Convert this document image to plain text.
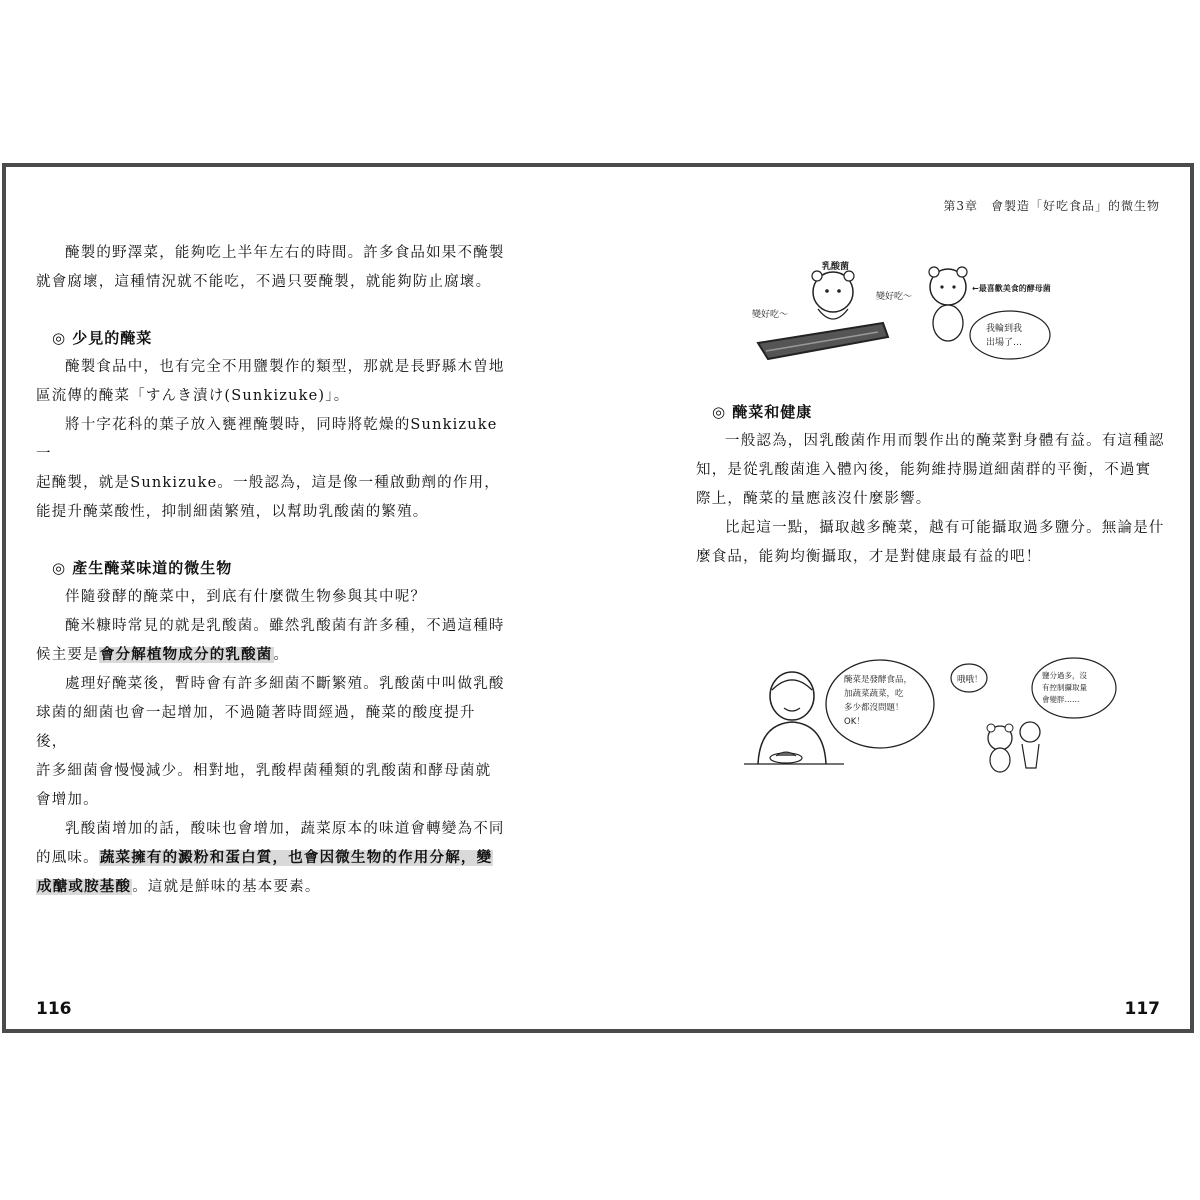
第3章　會製造「好吃食品」的微生物

醃製的野澤菜，能夠吃上半年左右的時間。許多食品如果不醃製

就會腐壞，這種情況就不能吃，不過只要醃製，就能夠防止腐壞。

◎ 少見的醃菜

醃製食品中，也有完全不用鹽製作的類型，那就是長野縣木曽地

區流傳的醃菜「すんき漬け(Sunkizuke)」。

將十字花科的葉子放入甕裡醃製時，同時將乾燥的Sunkizuke一

起醃製，就是Sunkizuke。一般認為，這是像一種啟動劑的作用，

能提升醃菜酸性，抑制細菌繁殖，以幫助乳酸菌的繁殖。

◎ 產生醃菜味道的微生物

伴隨發酵的醃菜中，到底有什麼微生物參與其中呢？

醃米糠時常見的就是乳酸菌。雖然乳酸菌有許多種，不過這種時

候主要是會分解植物成分的乳酸菌。

處理好醃菜後，暫時會有許多細菌不斷繁殖。乳酸菌中叫做乳酸

球菌的細菌也會一起增加，不過隨著時間經過，醃菜的酸度提升後，

許多細菌會慢慢減少。相對地，乳酸桿菌種類的乳酸菌和酵母菌就

會增加。

乳酸菌增加的話，酸味也會增加，蔬菜原本的味道會轉變為不同

的風味。蔬菜擁有的澱粉和蛋白質，也會因微生物的作用分解，變

成醣或胺基酸。這就是鮮味的基本要素。

116
乳酸菌
變好吃～
變好吃～
←最喜歡美食的酵母菌
我輪到我
出場了…
◎ 醃菜和健康

一般認為，因乳酸菌作用而製作出的醃菜對身體有益。有這種認

知，是從乳酸菌進入體內後，能夠維持腸道細菌群的平衡，不過實

際上，醃菜的量應該沒什麼影響。

比起這一點，攝取越多醃菜，越有可能攝取過多鹽分。無論是什

麼食品，能夠均衡攝取，才是對健康最有益的吧！

醃菜是發酵食品，
加蔬菜蔬菜，吃
多少都沒問題！
OK！
哦哦！	鹽分過多，沒
有控制攝取量
會變胖……
117
